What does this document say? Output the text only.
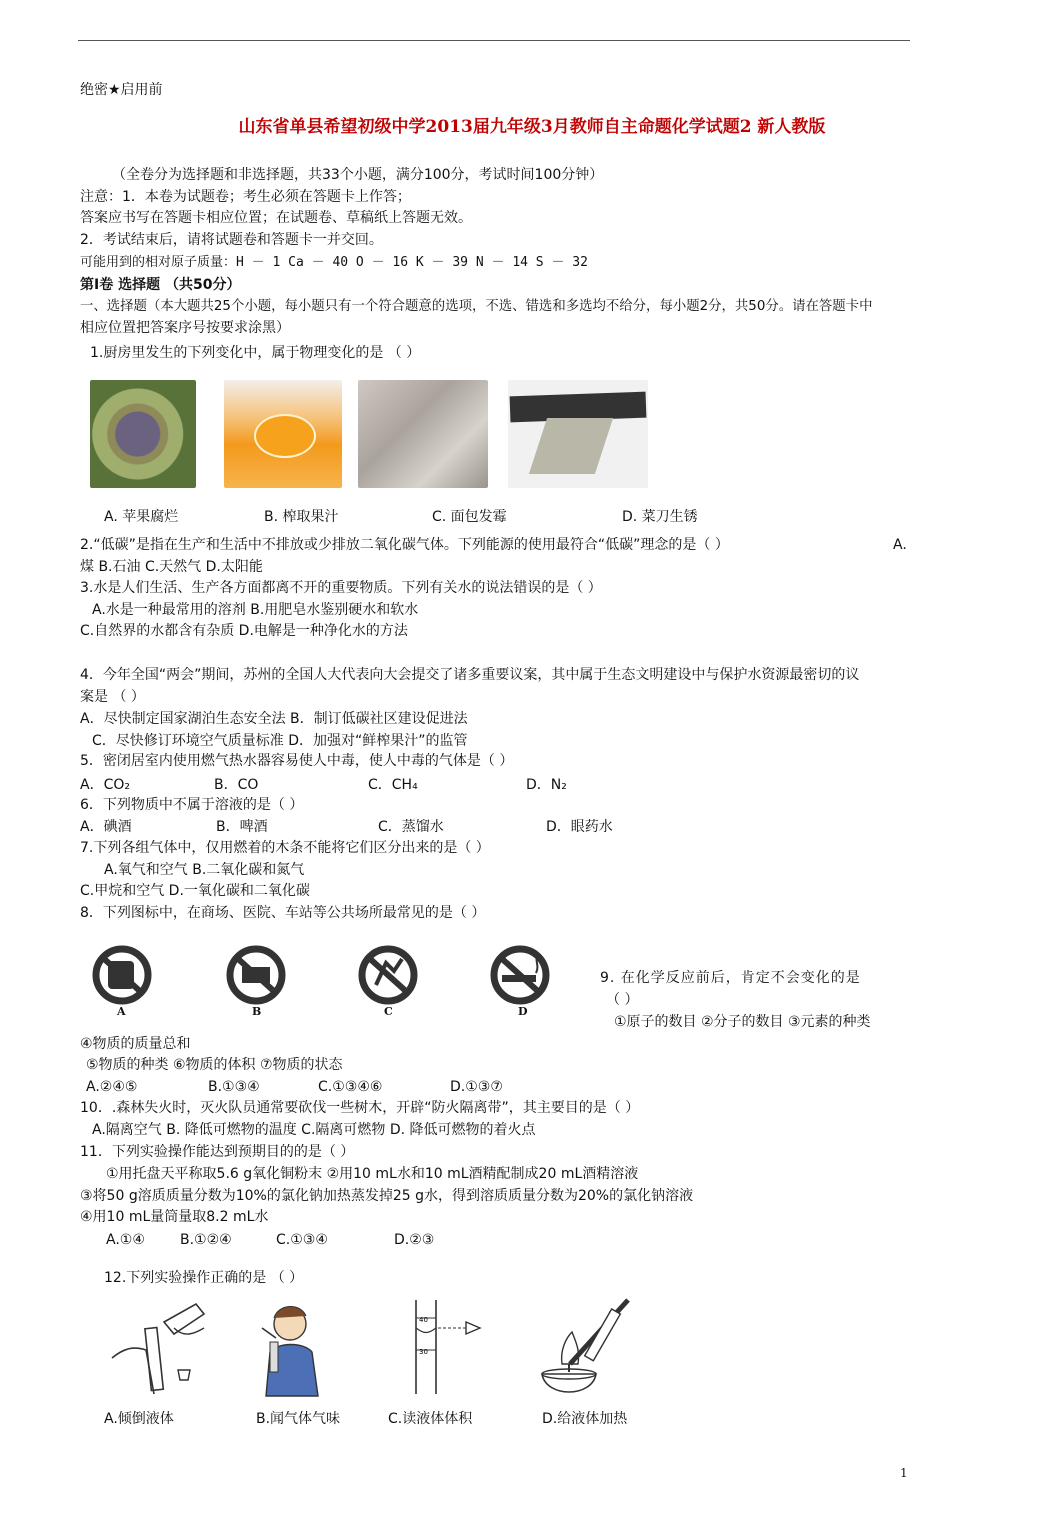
绝密★启用前
山东省单县希望初级中学2013届九年级3月教师自主命题化学试题2 新人教版
（全卷分为选择题和非选择题，共33个小题，满分100分，考试时间100分钟）
注意：1．本卷为试题卷；考生必须在答题卡上作答；
答案应书写在答题卡相应位置；在试题卷、草稿纸上答题无效。
2．考试结束后，请将试题卷和答题卡一并交回。
可能用到的相对原子质量：H － 1 Ca － 40 O － 16 K － 39 N － 14 S － 32
第Ⅰ卷 选择题 （共50分）
一、选择题（本大题共25个小题，每小题只有一个符合题意的选项，不选、错选和多选均不给分，每小题2分，共50分。请在答题卡中
相应位置把答案序号按要求涂黑）
1.厨房里发生的下列变化中，属于物理变化的是 （ ）
A. 苹果腐烂	B. 榨取果汁	C. 面包发霉	D. 菜刀生锈
2.“低碳”是指在生产和生活中不排放或少排放二氧化碳气体。下列能源的使用最符合“低碳”理念的是（ ）	A.
煤 B.石油 C.天然气 D.太阳能
3.水是人们生活、生产各方面都离不开的重要物质。下列有关水的说法错误的是（ ）
A.水是一种最常用的溶剂 B.用肥皂水鉴别硬水和软水
C.自然界的水都含有杂质 D.电解是一种净化水的方法
4．今年全国“两会”期间，苏州的全国人大代表向大会提交了诸多重要议案，其中属于生态文明建设中与保护水资源最密切的议
案是 （ ）
A．尽快制定国家湖泊生态安全法 B．制订低碳社区建设促进法
C．尽快修订环境空气质量标准 D．加强对“鲜榨果汁”的监管
5．密闭居室内使用燃气热水器容易使人中毒，使人中毒的气体是（ ）
A．CO₂	B．CO	C．CH₄	D．N₂
6．下列物质中不属于溶液的是（ ）
A．碘酒	B．啤酒	C．蒸馏水	D．眼药水
7.下列各组气体中，仅用燃着的木条不能将它们区分出来的是（ ）
A.氧气和空气 B.二氧化碳和氮气
C.甲烷和空气 D.一氧化碳和二氧化碳
8．下列图标中，在商场、医院、车站等公共场所最常见的是（ ）
A	B	C	D
9. 在化学反应前后，肯定不会变化的是
（ ）
①原子的数目 ②分子的数目 ③元素的种类
④物质的质量总和
⑤物质的种类 ⑥物质的体积 ⑦物质的状态
A.②④⑤	B.①③④	C.①③④⑥	D.①③⑦
10．.森林失火时，灭火队员通常要砍伐一些树木，开辟“防火隔离带”，其主要目的是（ ）
A.隔离空气 B. 降低可燃物的温度 C.隔离可燃物 D. 降低可燃物的着火点
11．下列实验操作能达到预期目的的是（ ）
①用托盘天平称取5.6 g氧化铜粉末 ②用10 mL水和10 mL酒精配制成20 mL酒精溶液
③将50 g溶质质量分数为10%的氯化钠加热蒸发掉25 g水，得到溶质质量分数为20%的氯化钠溶液
④用10 mL量筒量取8.2 mL水
A.①④	B.①②④	C.①③④	D.②③
12.下列实验操作正确的是 （ ）
40
30
A.倾倒液体	B.闻气体气味	C.读液体体积	D.给液体加热
1
